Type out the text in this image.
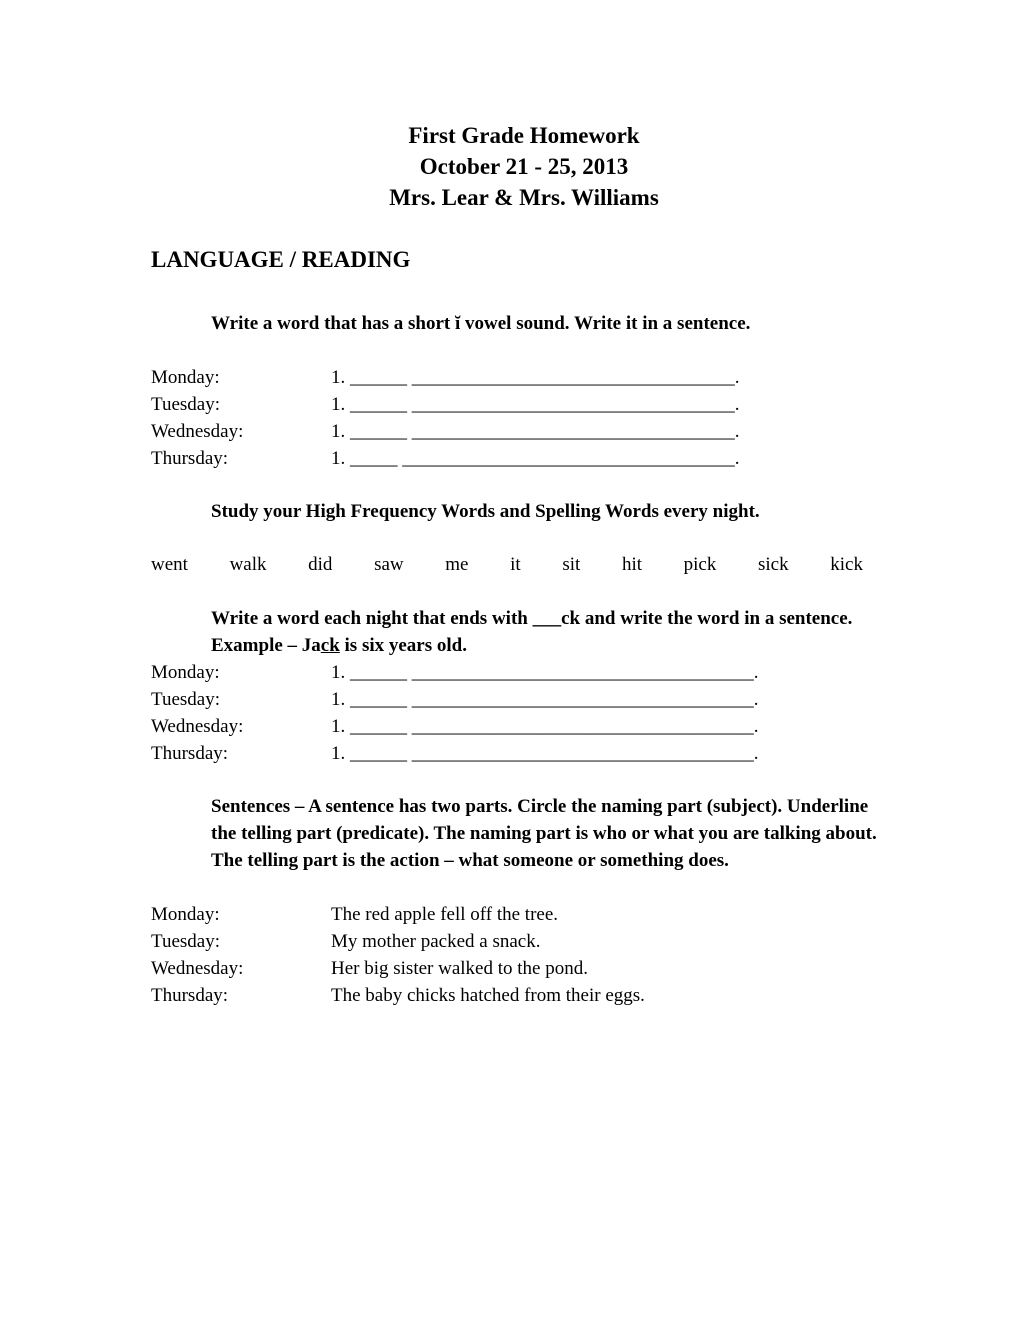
First Grade Homework
October 21 - 25, 2013
Mrs. Lear & Mrs. Williams
LANGUAGE / READING
Write a word that has a short ĭ vowel sound. Write it in a sentence.

Monday:

	1. ______ __________________________________.

Tuesday:

	1. ______ __________________________________.

Wednesday:

	1. ______ __________________________________.

Thursday:

	1. _____ ___________________________________.

Study your High Frequency Words and Spelling Words every night.
went walk did saw me it sit hit pick sick kick
Write a word each night that ends with ___ck and write the word in a sentence. Example – Jack is six years old.

Monday:

	1. ______ ____________________________________.

Tuesday:

	1. ______ ____________________________________.

Wednesday:

	1. ______ ____________________________________.

Thursday:

	1. ______ ____________________________________.

Sentences – A sentence has two parts. Circle the naming part (subject). Underline the telling part (predicate). The naming part is who or what you are talking about. The telling part is the action – what someone or something does.

Monday:

	The red apple fell off the tree.

Tuesday:

	My mother packed a snack.

Wednesday:

	Her big sister walked to the pond.

Thursday:

	The baby chicks hatched from their eggs.
